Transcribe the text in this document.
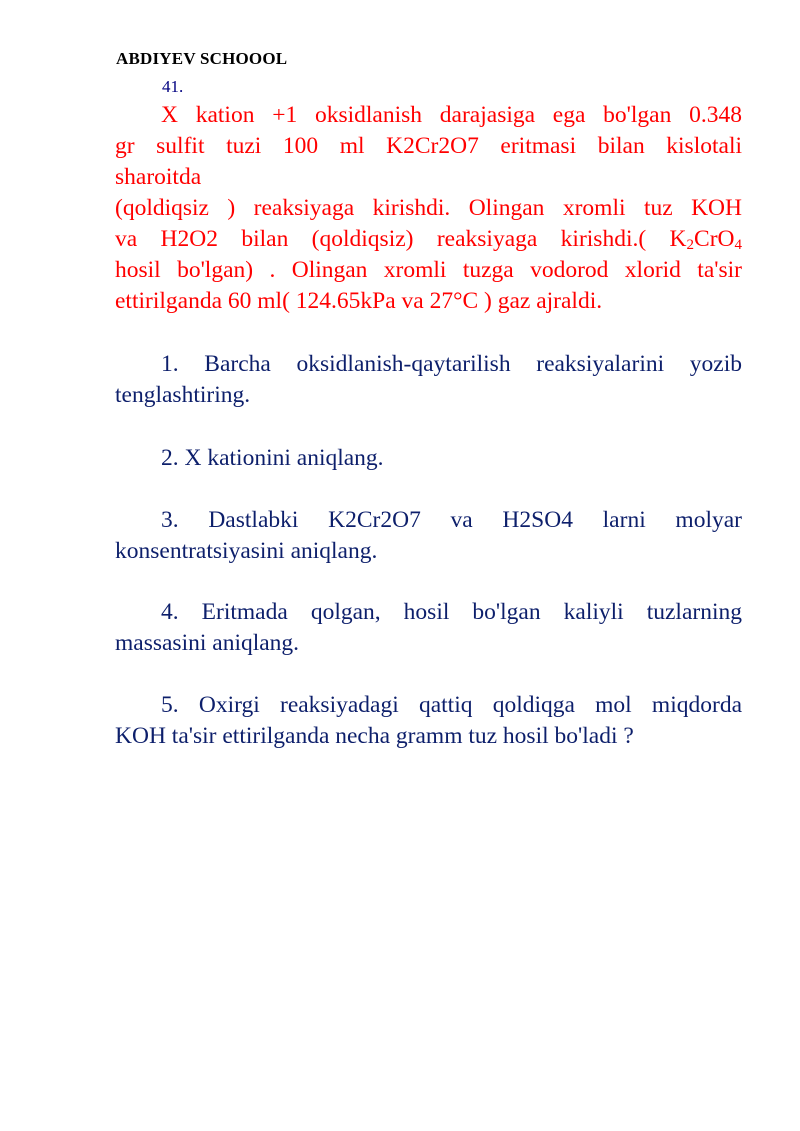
ABDIYEV SCHOOOL
41.
X kation +1 oksidlanish darajasiga ega bo'lgan 0.348
gr sulfit tuzi 100 ml K2Cr2O7 eritmasi bilan kislotali
sharoitda
(qoldiqsiz ) reaksiyaga kirishdi. Olingan xromli tuz KOH
va H2O2 bilan (qoldiqsiz) reaksiyaga kirishdi.( $K_2CrO_4$
hosil bo'lgan) . Olingan xromli tuzga vodorod xlorid ta'sir
ettirilganda 60 ml( 124.65kPa va 27°C ) gaz ajraldi.
1. Barcha oksidlanish-qaytarilish reaksiyalarini yozib
tenglashtiring.
2. X kationini aniqlang.
3. Dastlabki K2Cr2O7 va H2SO4 larni molyar
konsentratsiyasini aniqlang.
4. Eritmada qolgan, hosil bo'lgan kaliyli tuzlarning
massasini aniqlang.
5. Oxirgi reaksiyadagi qattiq qoldiqga mol miqdorda
KOH ta'sir ettirilganda necha gramm tuz hosil bo'ladi ?
